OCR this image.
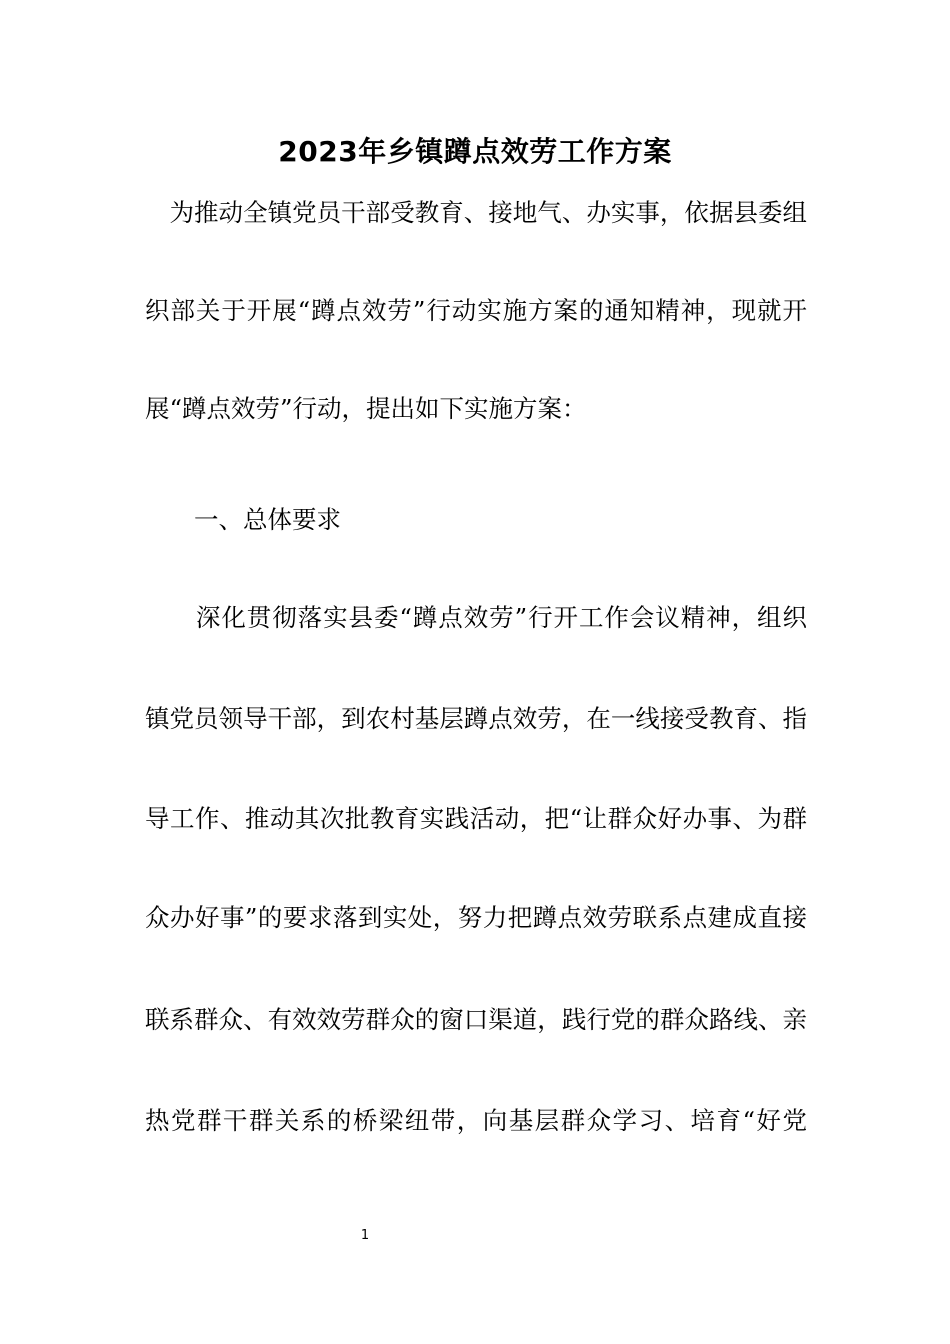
2023年乡镇蹲点效劳工作方案
　为推动全镇党员干部受教育、接地气、办实事，依据县委组
织部关于开展“蹲点效劳”行动实施方案的通知精神，现就开
展“蹲点效劳”行动，提出如下实施方案：
　　一、总体要求
　　深化贯彻落实县委“蹲点效劳”行开工作会议精神，组织
镇党员领导干部，到农村基层蹲点效劳，在一线接受教育、指
导工作、推动其次批教育实践活动，把“让群众好办事、为群
众办好事”的要求落到实处，努力把蹲点效劳联系点建成直接
联系群众、有效效劳群众的窗口渠道，践行党的群众路线、亲
热党群干群关系的桥梁纽带，向基层群众学习、培育“好党
1
